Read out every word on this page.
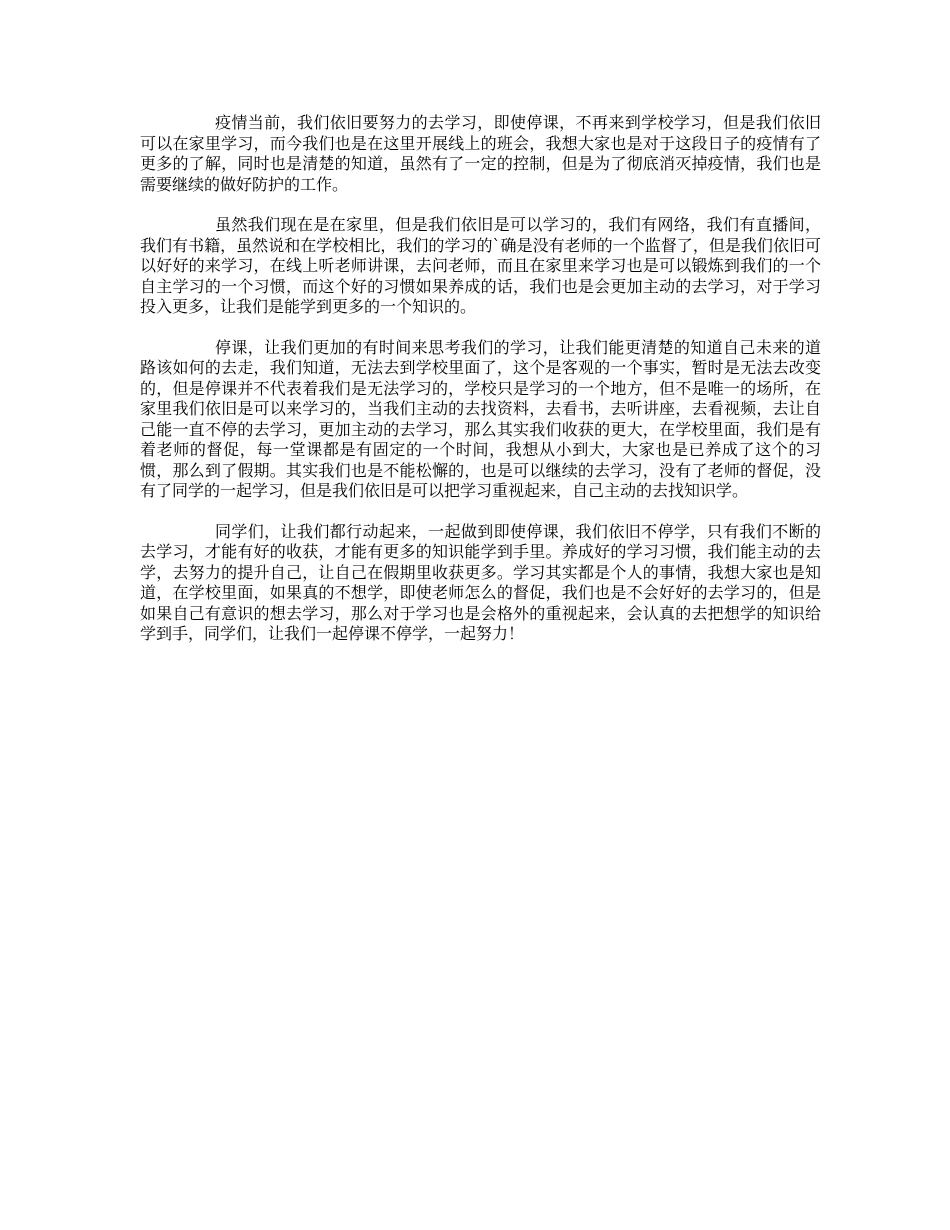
疫情当前，我们依旧要努力的去学习，即使停课，不再来到学校学习，但是我们依旧可以在家里学习，而今我们也是在这里开展线上的班会，我想大家也是对于这段日子的疫情有了更多的了解，同时也是清楚的知道，虽然有了一定的控制，但是为了彻底消灭掉疫情，我们也是需要继续的做好防护的工作。

虽然我们现在是在家里，但是我们依旧是可以学习的，我们有网络，我们有直播间，我们有书籍，虽然说和在学校相比，我们的学习的`确是没有老师的一个监督了，但是我们依旧可以好好的来学习，在线上听老师讲课，去问老师，而且在家里来学习也是可以锻炼到我们的一个自主学习的一个习惯，而这个好的习惯如果养成的话，我们也是会更加主动的去学习，对于学习投入更多，让我们是能学到更多的一个知识的。

停课，让我们更加的有时间来思考我们的学习，让我们能更清楚的知道自己未来的道路该如何的去走，我们知道，无法去到学校里面了，这个是客观的一个事实，暂时是无法去改变的，但是停课并不代表着我们是无法学习的，学校只是学习的一个地方，但不是唯一的场所，在家里我们依旧是可以来学习的，当我们主动的去找资料，去看书，去听讲座，去看视频，去让自己能一直不停的去学习，更加主动的去学习，那么其实我们收获的更大，在学校里面，我们是有着老师的督促，每一堂课都是有固定的一个时间，我想从小到大，大家也是已养成了这个的习惯，那么到了假期。其实我们也是不能松懈的，也是可以继续的去学习，没有了老师的督促，没有了同学的一起学习，但是我们依旧是可以把学习重视起来，自己主动的去找知识学。

同学们，让我们都行动起来，一起做到即使停课，我们依旧不停学，只有我们不断的去学习，才能有好的收获，才能有更多的知识能学到手里。养成好的学习习惯，我们能主动的去学，去努力的提升自己，让自己在假期里收获更多。学习其实都是个人的事情，我想大家也是知道，在学校里面，如果真的不想学，即使老师怎么的督促，我们也是不会好好的去学习的，但是如果自己有意识的想去学习，那么对于学习也是会格外的重视起来，会认真的去把想学的知识给学到手，同学们，让我们一起停课不停学，一起努力！
